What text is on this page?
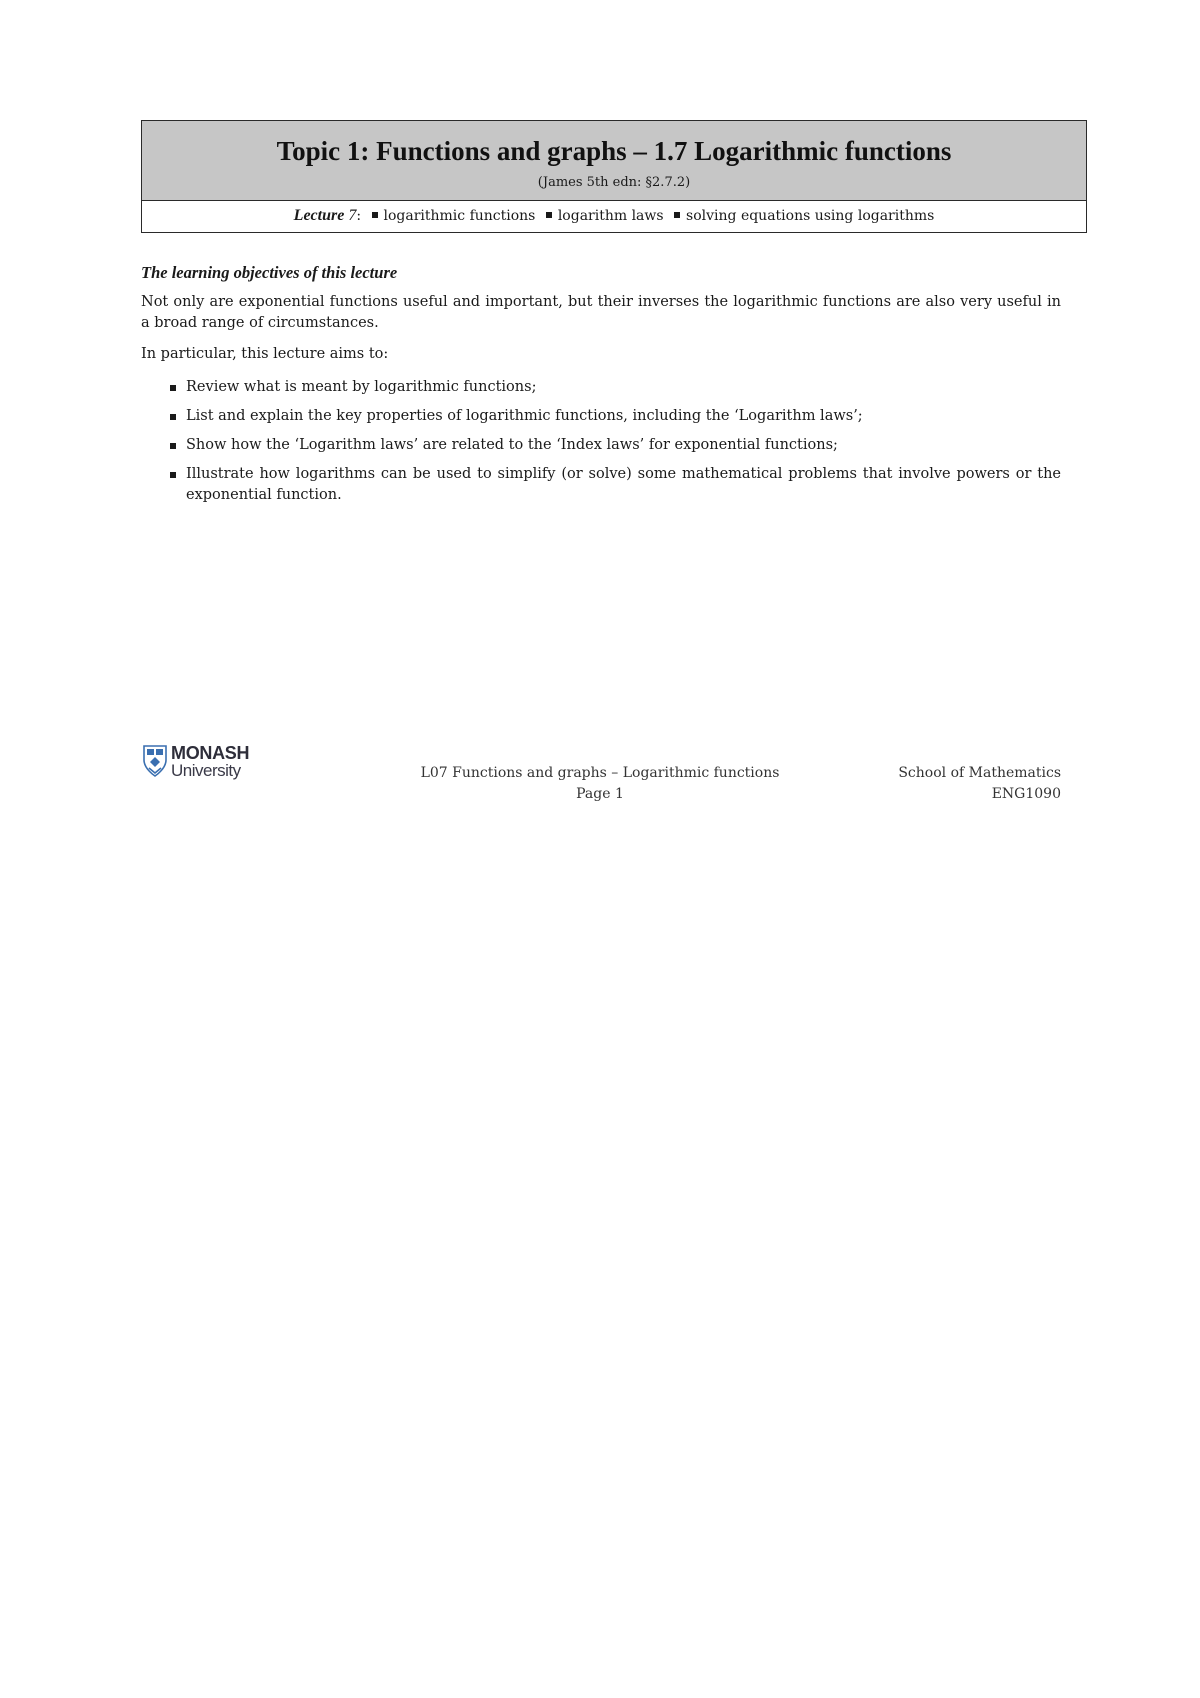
Topic 1: Functions and graphs – 1.7 Logarithmic functions
(James 5th edn: §2.7.2)
Lecture 7: logarithmic functions logarithm laws solving equations using logarithms
The learning objectives of this lecture

Not only are exponential functions useful and important, but their inverses the logarithmic functions are also very useful in a broad range of circumstances.

In particular, this lecture aims to:

Review what is meant by logarithmic functions;
List and explain the key properties of logarithmic functions, including the ‘Logarithm laws’;
Show how the ‘Logarithm laws’ are related to the ‘Index laws’ for exponential functions;
Illustrate how logarithms can be used to simplify (or solve) some mathematical problems that involve powers or the exponential function.
MONASH
University	L07 Functions and graphs – Logarithmic functions
Page 1
School of Mathematics
ENG1090
